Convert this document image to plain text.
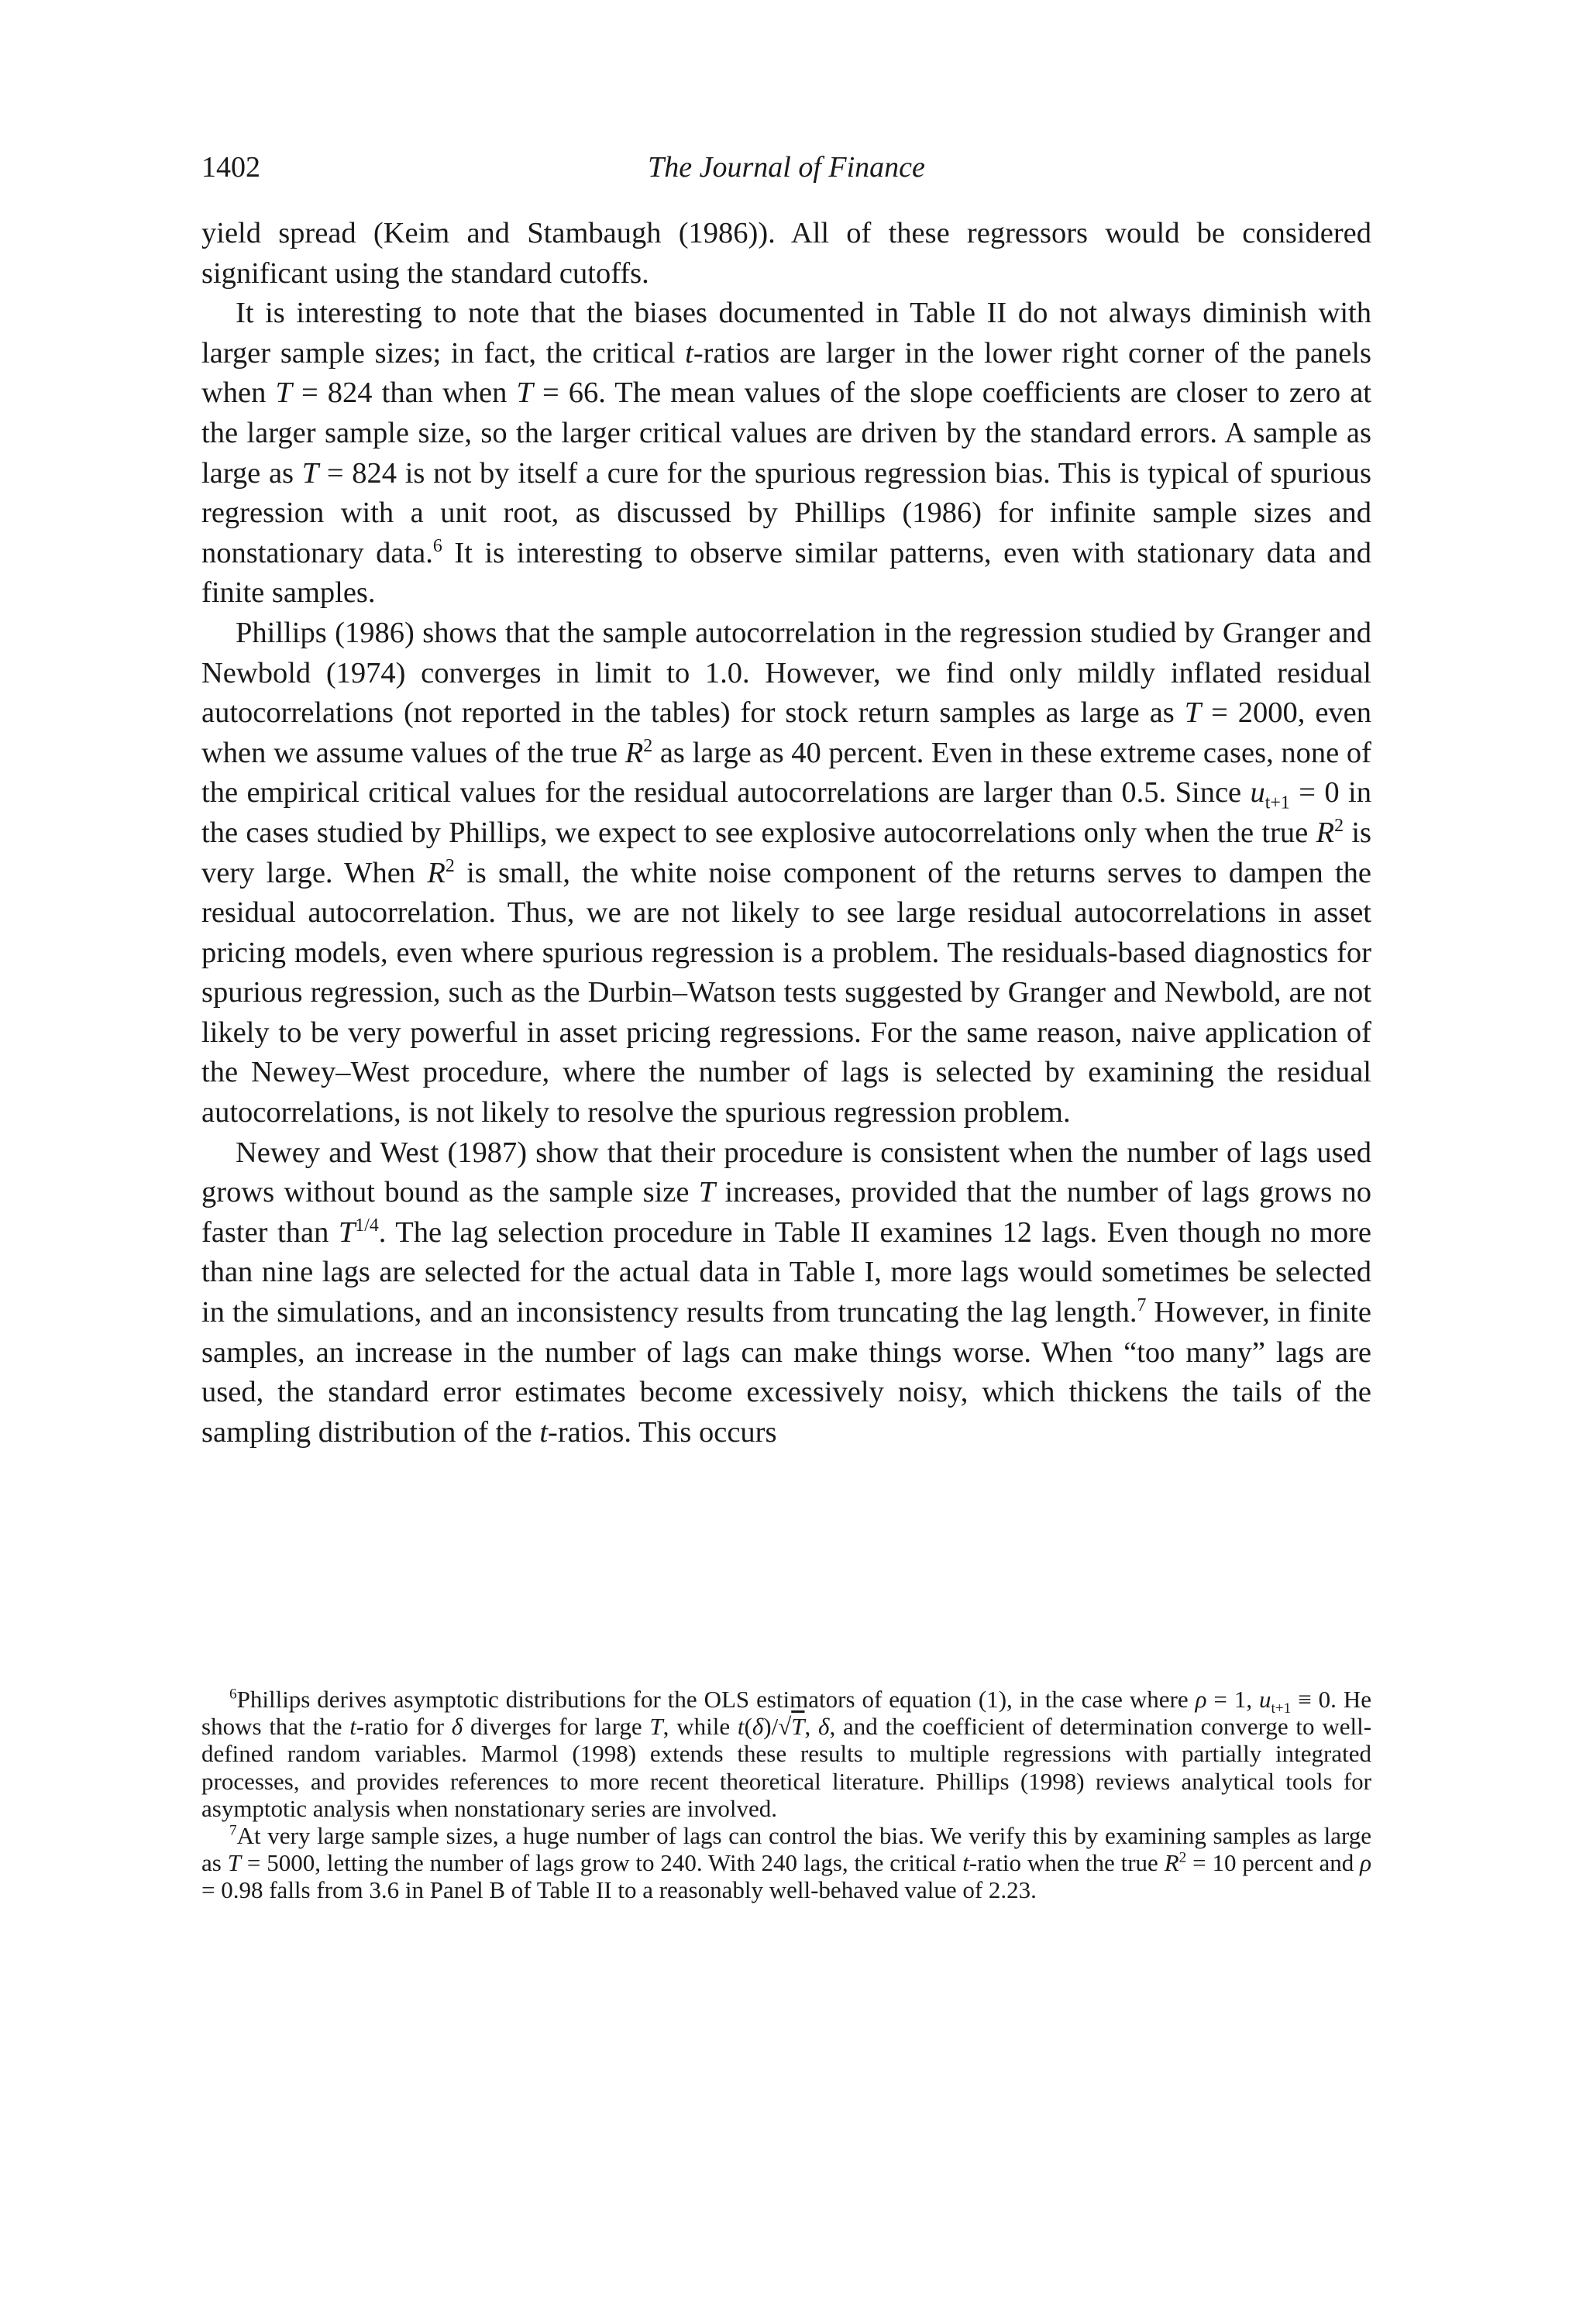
1402	The Journal of Finance

yield spread (Keim and Stambaugh (1986)). All of these regressors would be considered significant using the standard cutoffs.

It is interesting to note that the biases documented in Table II do not always diminish with larger sample sizes; in fact, the critical t-ratios are larger in the lower right corner of the panels when T = 824 than when T = 66. The mean values of the slope coefficients are closer to zero at the larger sample size, so the larger critical values are driven by the standard errors. A sample as large as T = 824 is not by itself a cure for the spurious regression bias. This is typical of spurious regression with a unit root, as discussed by Phillips (1986) for infinite sample sizes and nonstationary data.$^6$ It is interesting to observe similar patterns, even with stationary data and finite samples.

Phillips (1986) shows that the sample autocorrelation in the regression studied by Granger and Newbold (1974) converges in limit to 1.0. However, we find only mildly inflated residual autocorrelations (not reported in the tables) for stock return samples as large as T = 2000, even when we assume values of the true $R^2$ as large as 40 percent. Even in these extreme cases, none of the empirical critical values for the residual autocorrelations are larger than 0.5. Since $u_{t+1} = 0$ in the cases studied by Phillips, we expect to see explosive autocorrelations only when the true $R^2$ is very large. When $R^2$ is small, the white noise component of the returns serves to dampen the residual autocorrelation. Thus, we are not likely to see large residual autocorrelations in asset pricing models, even where spurious regression is a problem. The residuals-based diagnostics for spurious regression, such as the Durbin–Watson tests suggested by Granger and Newbold, are not likely to be very powerful in asset pricing regressions. For the same reason, naive application of the Newey–West procedure, where the number of lags is selected by examining the residual autocorrelations, is not likely to resolve the spurious regression problem.

Newey and West (1987) show that their procedure is consistent when the number of lags used grows without bound as the sample size T increases, provided that the number of lags grows no faster than $T^{1/4}$. The lag selection procedure in Table II examines 12 lags. Even though no more than nine lags are selected for the actual data in Table I, more lags would sometimes be selected in the simulations, and an inconsistency results from truncating the lag length.$^7$ However, in finite samples, an increase in the number of lags can make things worse. When “too many” lags are used, the standard error estimates become excessively noisy, which thickens the tails of the sampling distribution of the t-ratios. This occurs

$^6$Phillips derives asymptotic distributions for the OLS estimators of equation (1), in the case where ρ = 1, $u_{t+1} \equiv 0$. He shows that the t-ratio for δ diverges for large T, while t(δ)/√T, δ, and the coefficient of determination converge to well-defined random variables. Marmol (1998) extends these results to multiple regressions with partially integrated processes, and provides references to more recent theoretical literature. Phillips (1998) reviews analytical tools for asymptotic analysis when nonstationary series are involved.

$^7$At very large sample sizes, a huge number of lags can control the bias. We verify this by examining samples as large as T = 5000, letting the number of lags grow to 240. With 240 lags, the critical t-ratio when the true $R^2 = 10$ percent and ρ = 0.98 falls from 3.6 in Panel B of Table II to a reasonably well-behaved value of 2.23.
